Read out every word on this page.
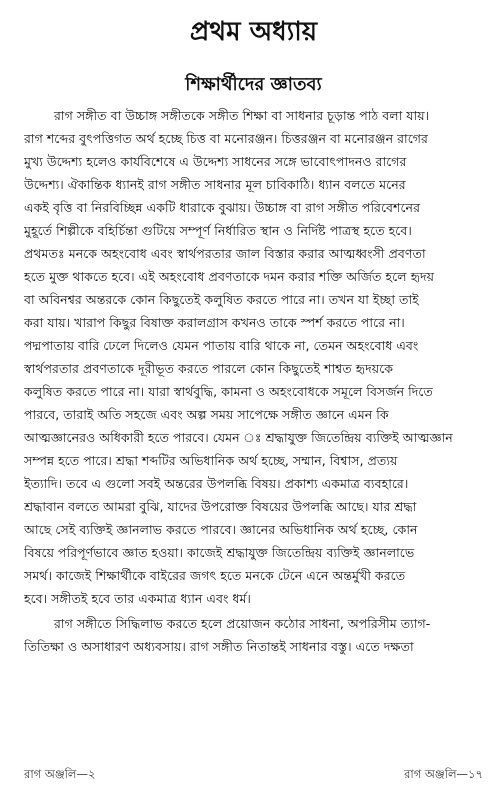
প্রথম অধ্যায়
শিক্ষার্থীদের জ্ঞাতব্য

রাগ সঙ্গীত বা উচ্চাঙ্গ সঙ্গীতকে সঙ্গীত শিক্ষা বা সাধনার চূড়ান্ত পাঠ বলা যায়।
রাগ শব্দের বুৎপত্তিগত অর্থ হচ্ছে চিত্ত বা মনোরঞ্জন। চিত্তরঞ্জন বা মনোরঞ্জন রাগের
মুখ্য উদ্দেশ্য হলেও কার্যবিশেষে এ উদ্দেশ্য সাধনের সঙ্গে ভাবোৎপাদনও রাগের
উদ্দেশ্য। ঐকান্তিক ধ্যানই রাগ সঙ্গীত সাধনার মূল চাবিকাঠি। ধ্যান বলতে মনের
একই বৃত্তি বা নিরবিচ্ছিন্ন একটি ধারাকে বুঝায়। উচ্চাঙ্গ বা রাগ সঙ্গীত পরিবেশনের
মুহূর্তে শিল্পীকে বহির্চিন্তা গুটিয়ে সম্পূর্ণ নির্ধারিত স্থান ও নির্দিষ্ট পাত্রস্থ হতে হবে।
প্রথমতঃ মনকে অহংবোধ এবং স্বার্থপরতার জাল বিস্তার করার আত্মধ্বংসী প্রবণতা
হতে মুক্ত থাকতে হবে। এই অহংবোধ প্রবণতাকে দমন করার শক্তি অর্জিত হলে হৃদয়
বা অবিনশ্বর অন্তরকে কোন কিছুতেই কলুষিত করতে পারে না। তখন যা ইচ্ছা তাই
করা যায়। খারাপ কিছুর বিষাক্ত করালগ্রাস কখনও তাকে স্পর্শ করতে পারে না।
পদ্মপাতায় বারি ঢেলে দিলেও যেমন পাতায় বারি থাকে না, তেমন অহংবোধ এবং
স্বার্থপরতার প্রবণতাকে দূরীভূত করতে পারলে কোন কিছুতেই শাশ্বত হৃদয়কে
কলুষিত করতে পারে না। যারা স্বার্থবুদ্ধি, কামনা ও অহংবোধকে সমূলে বিসর্জন দিতে
পারবে, তারাই অতি সহজে এবং অল্প সময় সাপেক্ষে সঙ্গীত জ্ঞানে এমন কি
আত্মজ্ঞানেরও অধিকারী হতে পারবে। যেমন ঃ শ্রদ্ধাযুক্ত জিতেন্দ্রিয় ব্যক্তিই আত্মজ্ঞান
সম্পন্ন হতে পারে। শ্রদ্ধা শব্দটির অভিধানিক অর্থ হচ্ছে, সম্মান, বিশ্বাস, প্রত্যয়
ইত্যাদি। তবে এ গুলো সবই অন্তরের উপলব্ধি বিষয়। প্রকাশ্য একমাত্র ব্যবহারে।
শ্রদ্ধাবান বলতে আমরা বুঝি, যাদের উপরোক্ত বিষয়ের উপলব্ধি আছে। যার শ্রদ্ধা
আছে সেই ব্যক্তিই জ্ঞানলাভ করতে পারবে। জ্ঞানের অভিধানিক অর্থ হচ্ছে, কোন
বিষয়ে পরিপূর্ণভাবে জ্ঞাত হওয়া। কাজেই শ্রদ্ধাযুক্ত জিতেন্দ্রিয় ব্যক্তিই জ্ঞানলাভে
সমর্থ। কাজেই শিক্ষার্থীকে বাইরের জগৎ হতে মনকে টেনে এনে অন্তর্মুখী করতে
হবে। সঙ্গীতই হবে তার একমাত্র ধ্যান এবং ধর্ম।

রাগ সঙ্গীতে সিদ্ধিলাভ করতে হলে প্রয়োজন কঠোর সাধনা, অপরিসীম ত্যাগ-
তিতিক্ষা ও অসাধারণ অধ্যবসায়। রাগ সঙ্গীত নিতান্তই সাধনার বস্তু। এতে দক্ষতা

রাগ অঞ্জলি—২	রাগ অঞ্জলি—১৭
